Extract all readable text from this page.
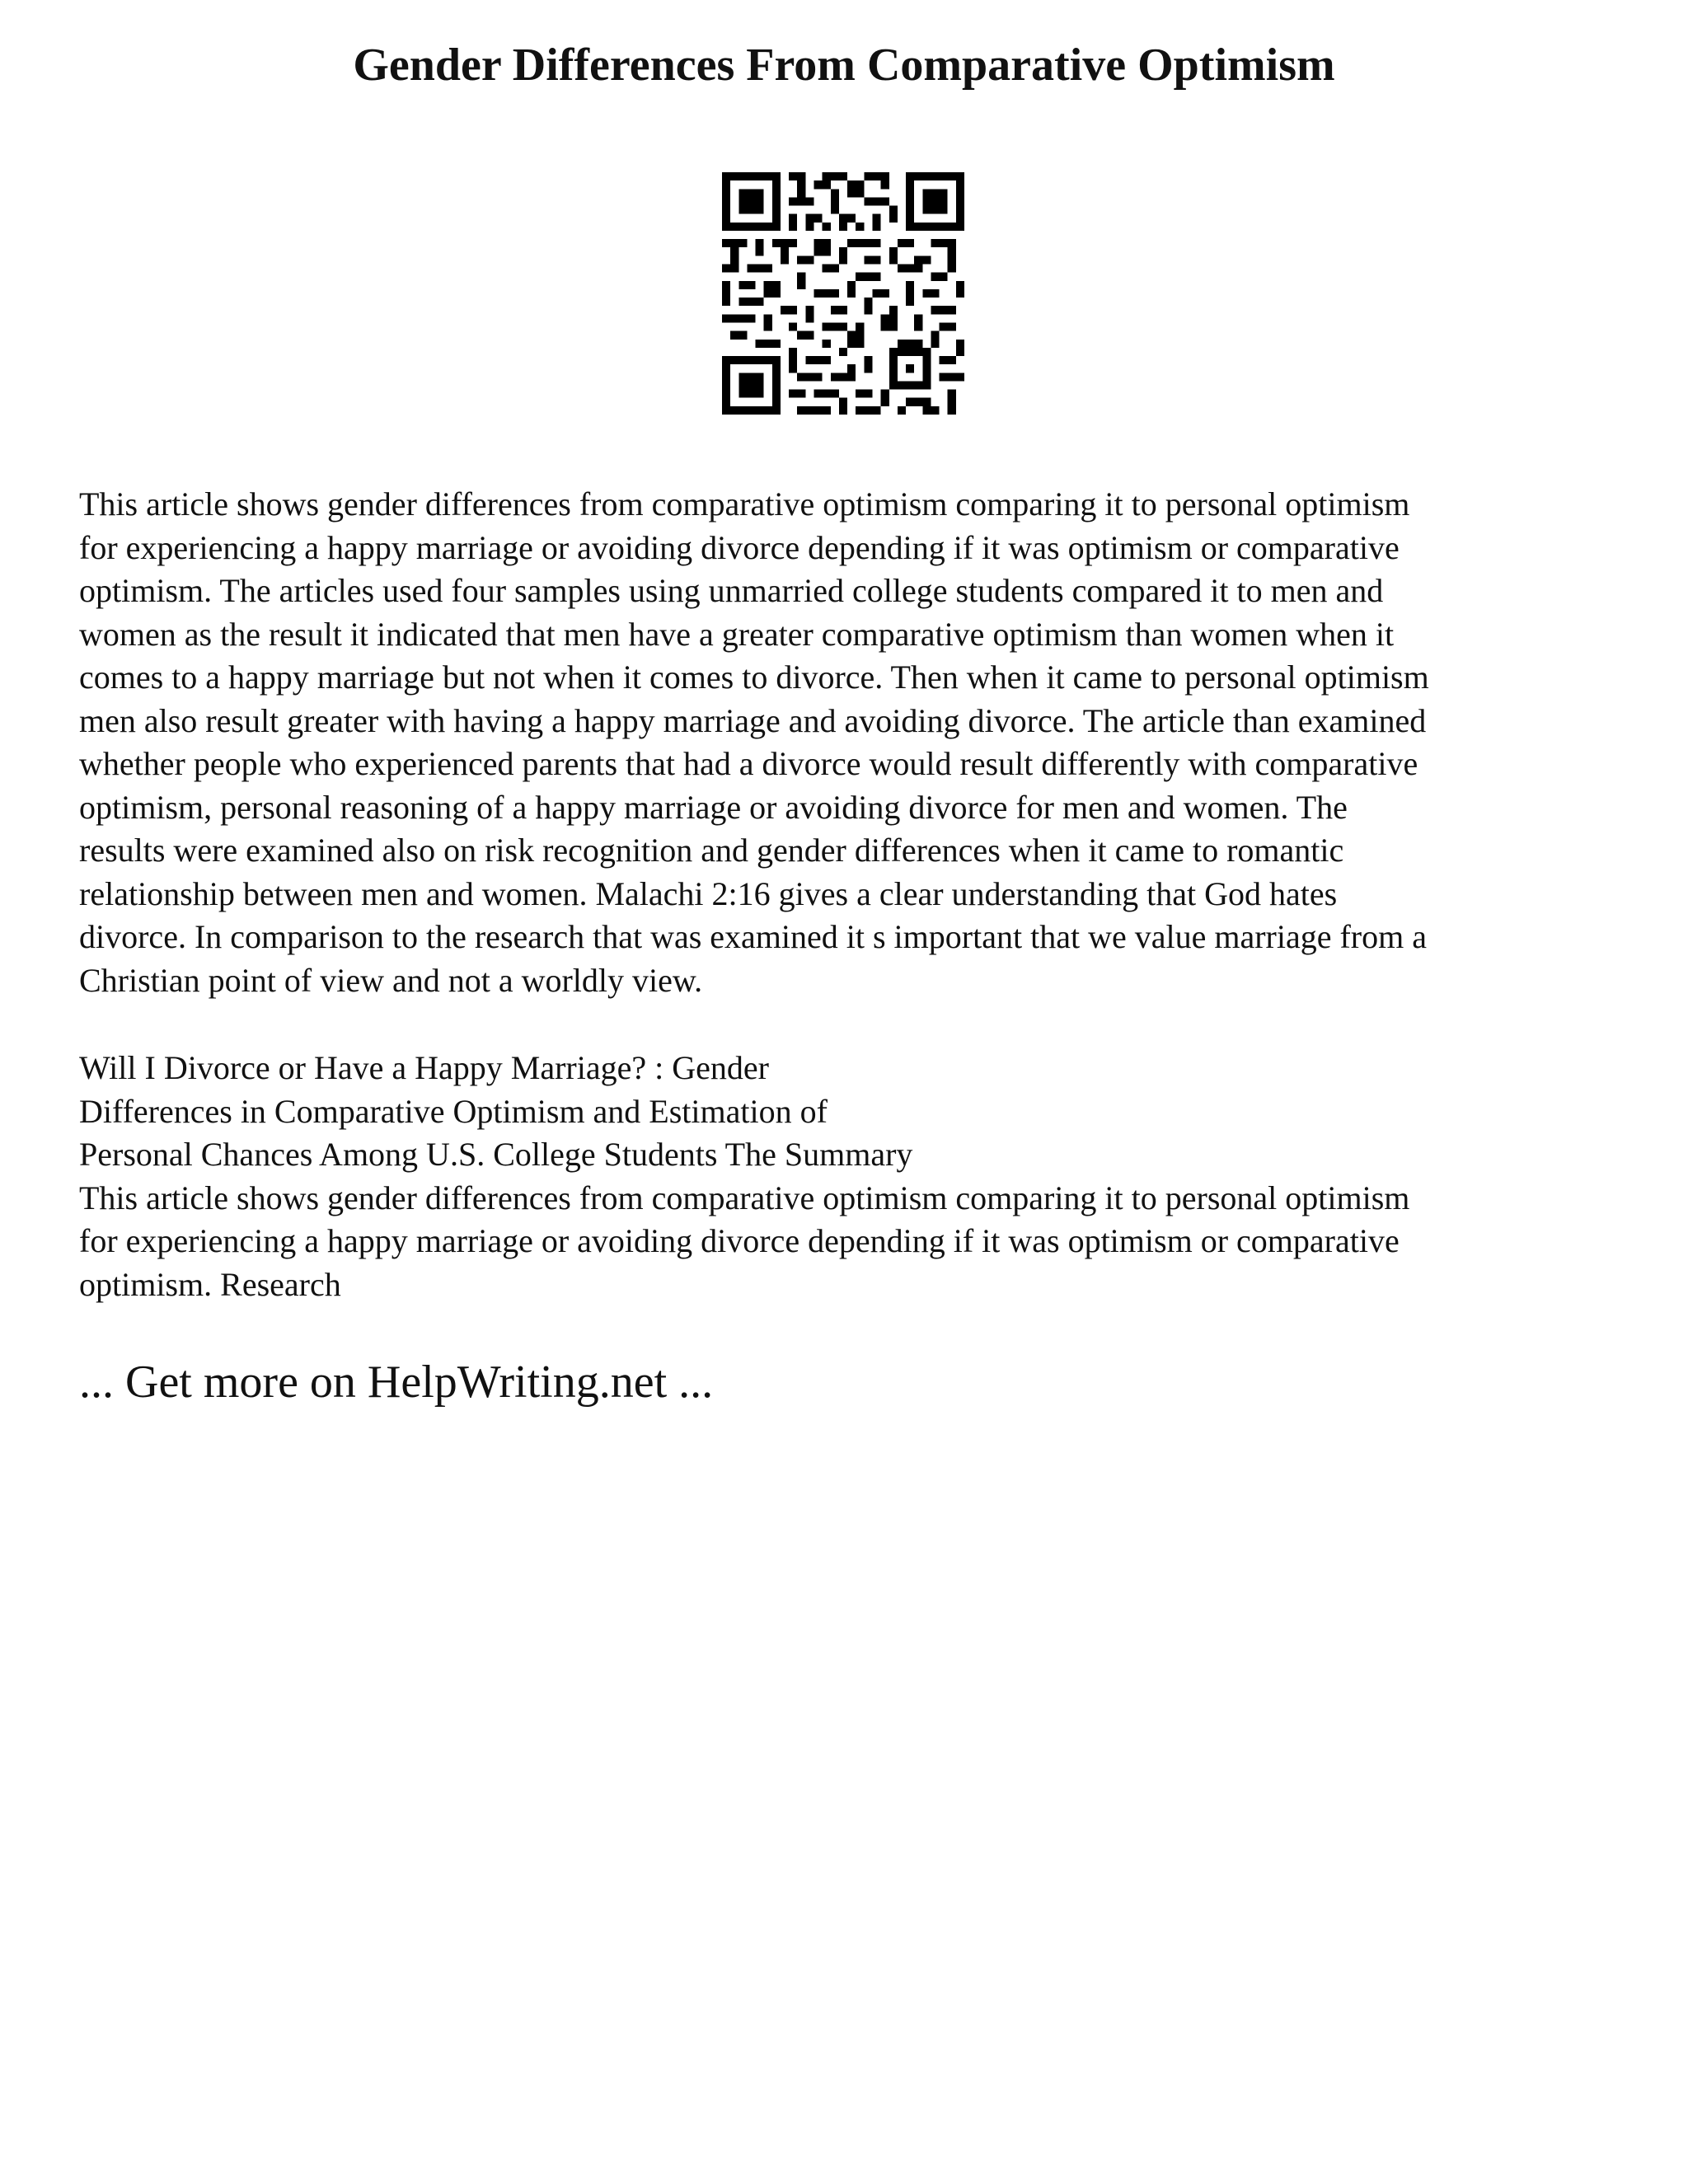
Gender Differences From Comparative Optimism

This article shows gender differences from comparative optimism comparing it to personal optimism
for experiencing a happy marriage or avoiding divorce depending if it was optimism or comparative
optimism. The articles used four samples using unmarried college students compared it to men and
women as the result it indicated that men have a greater comparative optimism than women when it
comes to a happy marriage but not when it comes to divorce. Then when it came to personal optimism
men also result greater with having a happy marriage and avoiding divorce. The article than examined
whether people who experienced parents that had a divorce would result differently with comparative
optimism, personal reasoning of a happy marriage or avoiding divorce for men and women. The
results were examined also on risk recognition and gender differences when it came to romantic
relationship between men and women. Malachi 2:16 gives a clear understanding that God hates
divorce. In comparison to the research that was examined it s important that we value marriage from a
Christian point of view and not a worldly view.

Will I Divorce or Have a Happy Marriage? : Gender
Differences in Comparative Optimism and Estimation of
Personal Chances Among U.S. College Students The Summary
This article shows gender differences from comparative optimism comparing it to personal optimism
for experiencing a happy marriage or avoiding divorce depending if it was optimism or comparative
optimism. Research

... Get more on HelpWriting.net ...
